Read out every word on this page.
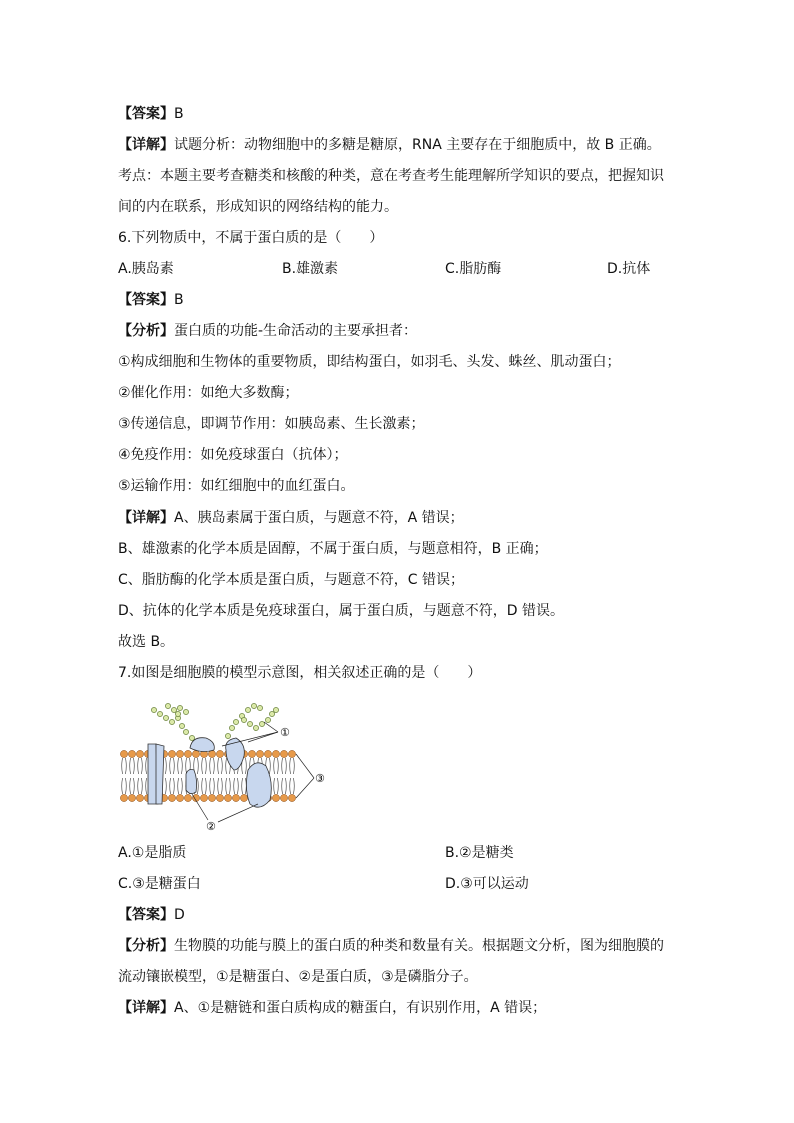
【答案】B
【详解】试题分析：动物细胞中的多糖是糖原，RNA 主要存在于细胞质中，故 B 正确。
考点：本题主要考查糖类和核酸的种类，意在考查考生能理解所学知识的要点，把握知识
间的内在联系，形成知识的网络结构的能力。
6.下列物质中，不属于蛋白质的是（　　）
A.胰岛素	B.雄激素	C.脂肪酶	D.抗体
【答案】B
【分析】蛋白质的功能-生命活动的主要承担者：
①构成细胞和生物体的重要物质，即结构蛋白，如羽毛、头发、蛛丝、肌动蛋白；
②催化作用：如绝大多数酶；
③传递信息，即调节作用：如胰岛素、生长激素；
④免疫作用：如免疫球蛋白（抗体）；
⑤运输作用：如红细胞中的血红蛋白。
【详解】A、胰岛素属于蛋白质，与题意不符，A 错误；
B、雄激素的化学本质是固醇，不属于蛋白质，与题意相符，B 正确；
C、脂肪酶的化学本质是蛋白质，与题意不符，C 错误；
D、抗体的化学本质是免疫球蛋白，属于蛋白质，与题意不符，D 错误。
故选 B。
7.如图是细胞膜的模型示意图，相关叙述正确的是（　　）
①
②
③
A.①是脂质	B.②是糖类
C.③是糖蛋白	D.③可以运动
【答案】D
【分析】生物膜的功能与膜上的蛋白质的种类和数量有关。根据题文分析，图为细胞膜的
流动镶嵌模型，①是糖蛋白、②是蛋白质，③是磷脂分子。
【详解】A、①是糖链和蛋白质构成的糖蛋白，有识别作用，A 错误；
